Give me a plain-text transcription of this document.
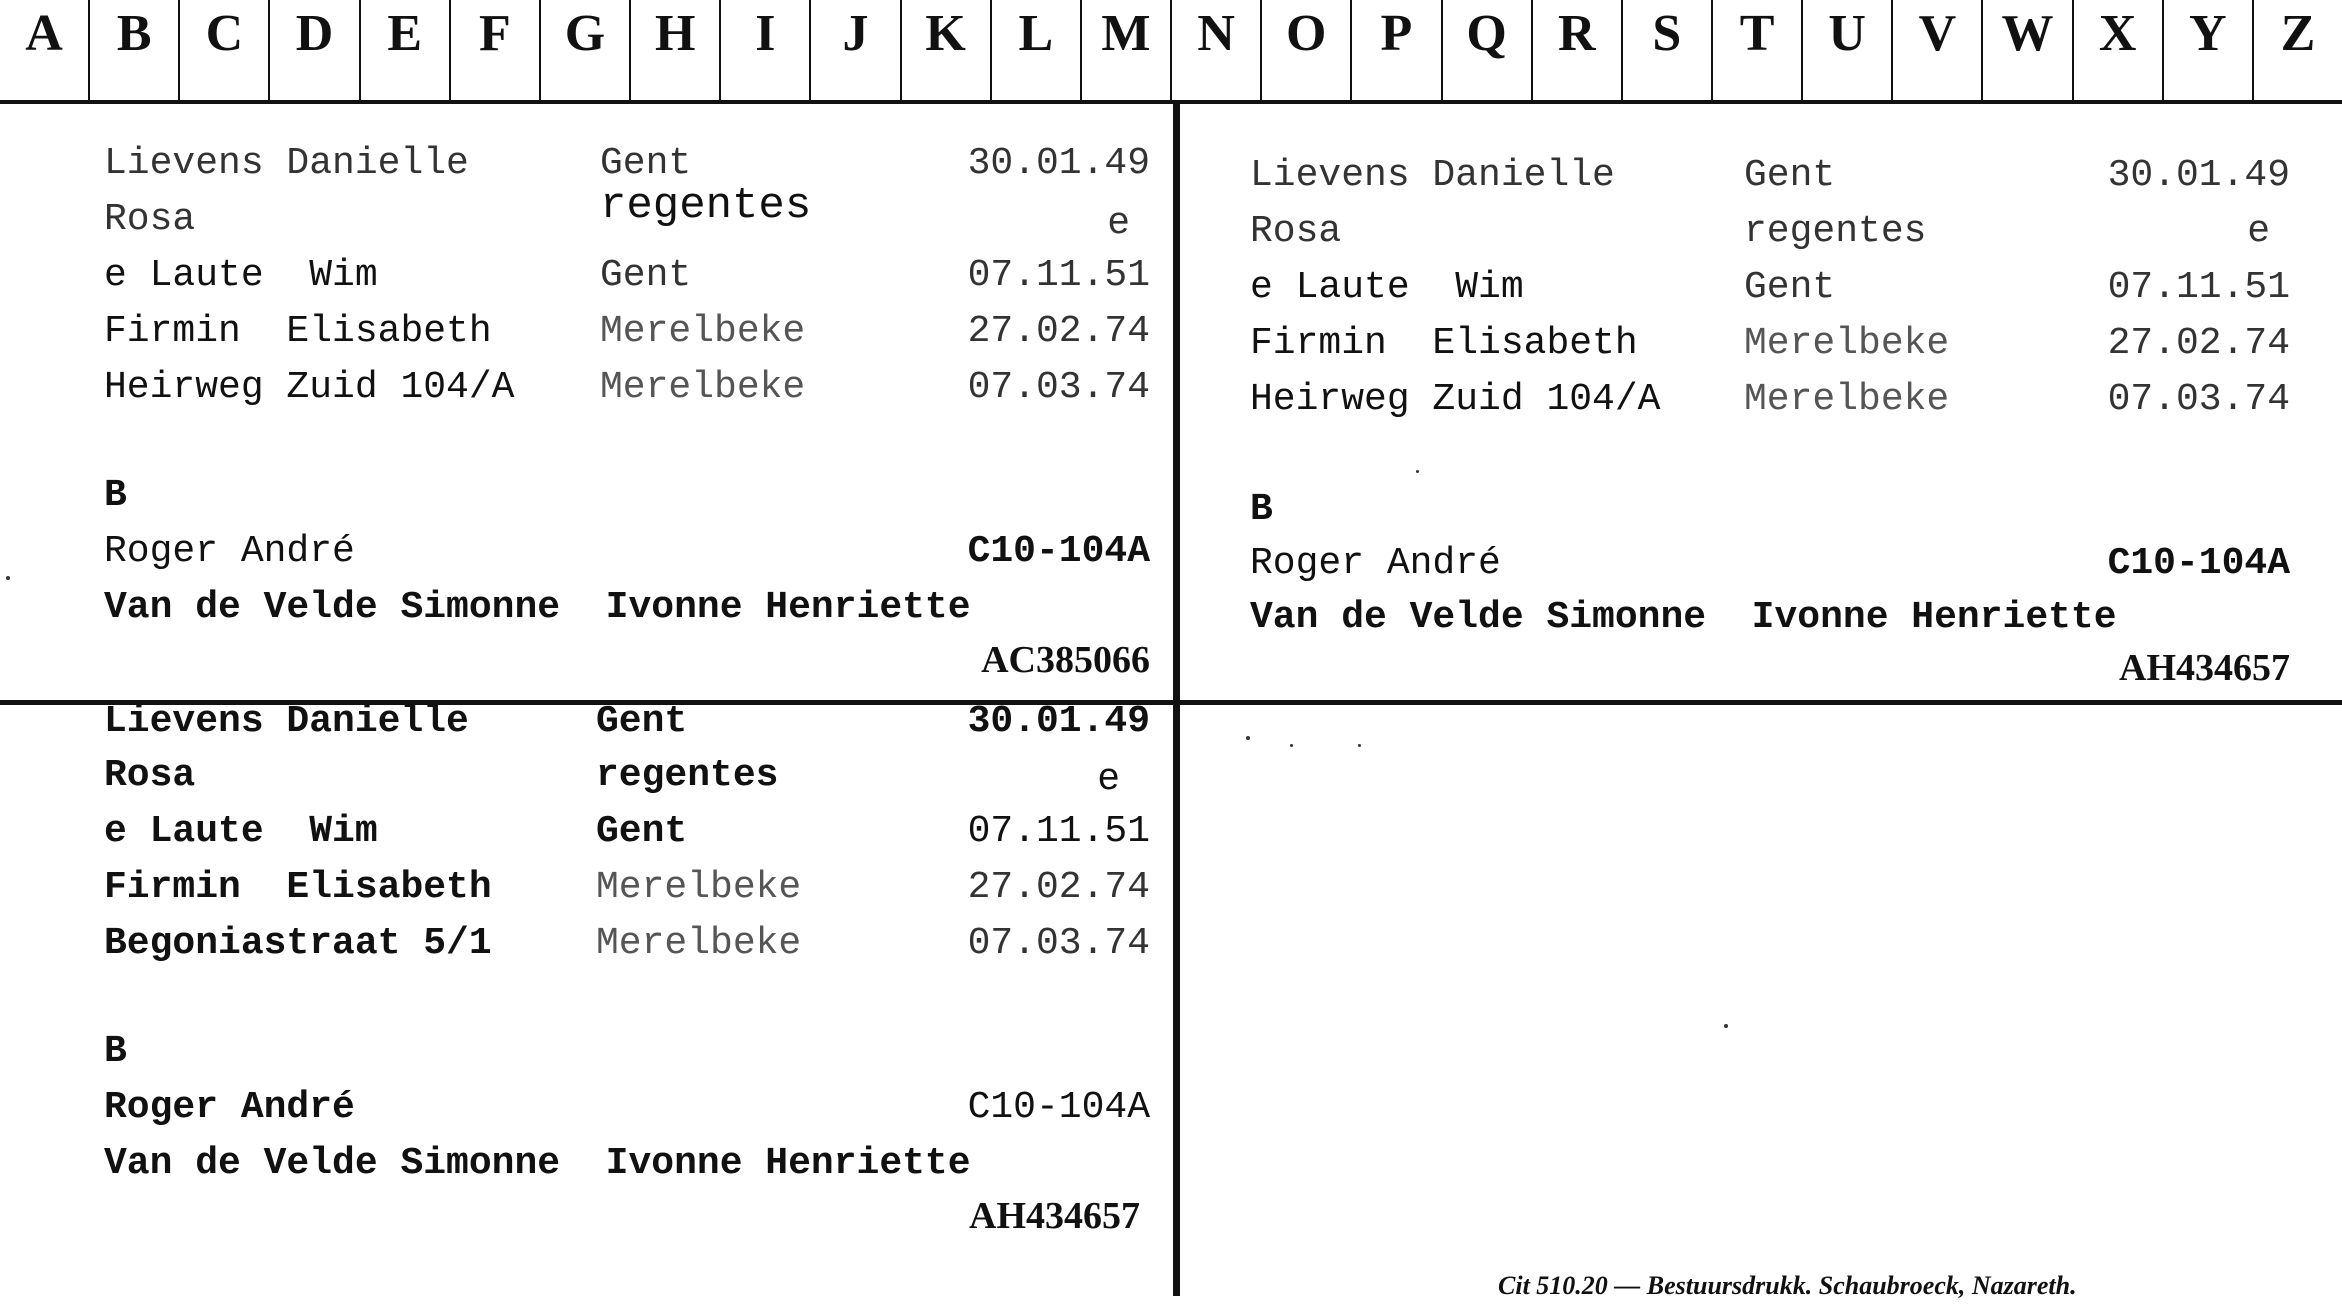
A	B	C	D	E	F	G H	I	J	K	L M N O	P	Q R	S	T	U	V W X	Y	Z
Lievens Danielle	Gent	30.01.49
Rosa	regentes	e
e Laute  Wim	Gent	07.11.51
Firmin  Elisabeth	Merelbeke	27.02.74
Heirweg Zuid 104/A Merelbeke	07.03.74
B
Roger André	C10-104A
Van de Velde Simonne  Ivonne Henriette
AC385066
Lievens Danielle	Gent	30.01.49
Rosa	regentes	e
e Laute  Wim	Gent	07.11.51
Firmin  Elisabeth	Merelbeke	27.02.74
Heirweg Zuid 104/A Merelbeke	07.03.74
B
Roger André	C10-104A
Van de Velde Simonne  Ivonne Henriette
AH434657
Lievens Danielle	Gent	30.01.49
Rosa	regentes	e
e Laute  Wim	Gent	07.11.51
Firmin  Elisabeth	Merelbeke	27.02.74
Begoniastraat 5/1	Merelbeke	07.03.74
B
Roger André	C10-104A
Van de Velde Simonne  Ivonne Henriette
AH434657
Cit 510.20 — Bestuursdrukk. Schaubroeck, Nazareth.
